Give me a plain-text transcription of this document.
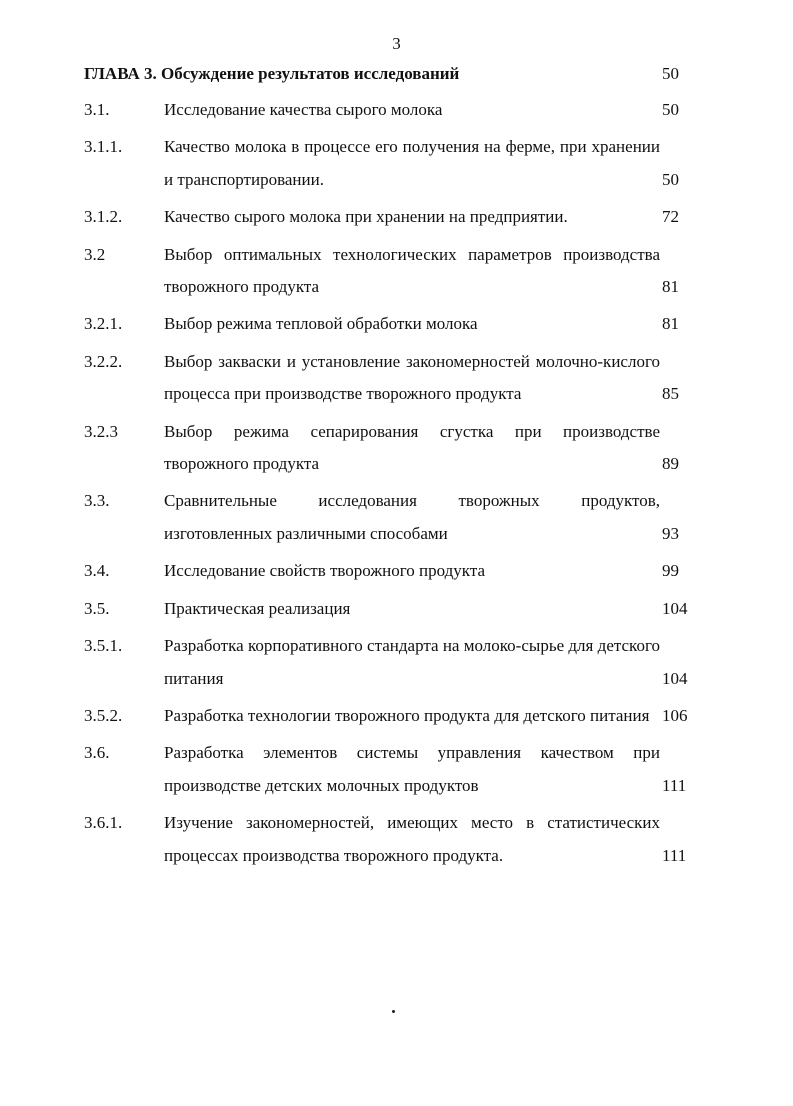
3
ГЛАВА 3. Обсуждение результатов исследований	50
3.1.	Исследование качества сырого молока	50
3.1.1. Качество молока в процессе его получения на ферме, при хранении и транспортировании.	50
3.1.2. Качество сырого молока при хранении на предприятии.	72
3.2	Выбор оптимальных технологических параметров производства творожного продукта	81
3.2.1. Выбор режима тепловой обработки молока	81
3.2.2. Выбор закваски и установление закономерностей молочно-кислого процесса при производстве творожного продукта	85
3.2.3	Выбор режима сепарирования сгустка при производстве творожного продукта	89
3.3.	Сравнительные исследования творожных продуктов, изготовленных различными способами	93
3.4.	Исследование свойств творожного продукта	99
3.5.	Практическая реализация	104
3.5.1. Разработка корпоративного стандарта на молоко-сырье для детского питания	104
3.5.2. Разработка технологии творожного продукта для детского питания 106
3.6.	Разработка элементов системы управления качеством при производстве детских молочных продуктов	111
3.6.1. Изучение закономерностей, имеющих место в статистических процессах производства творожного продукта.	111
